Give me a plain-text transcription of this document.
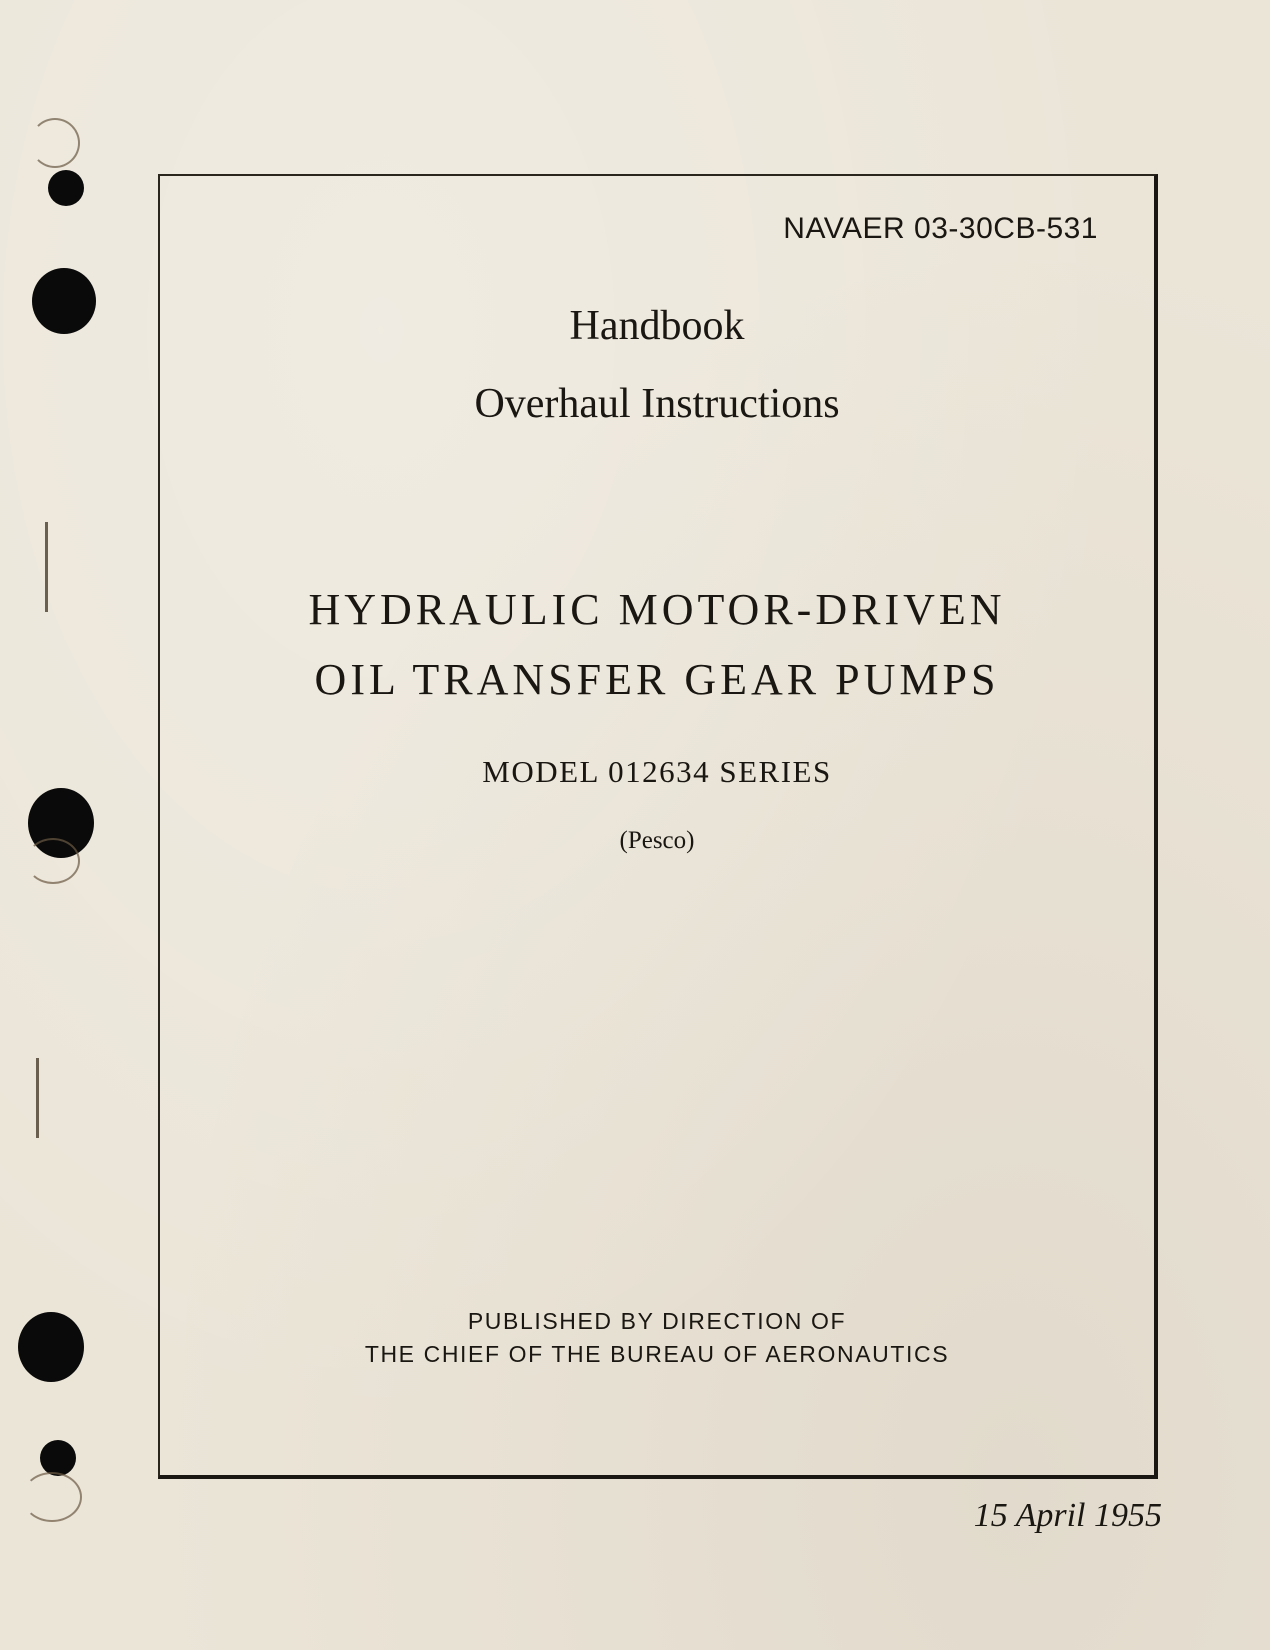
NAVAER 03-30CB-531
Handbook
Overhaul Instructions
HYDRAULIC MOTOR-DRIVEN
OIL TRANSFER GEAR PUMPS
MODEL 012634 SERIES
(Pesco)
PUBLISHED BY DIRECTION OF
THE CHIEF OF THE BUREAU OF AERONAUTICS
15 April 1955
